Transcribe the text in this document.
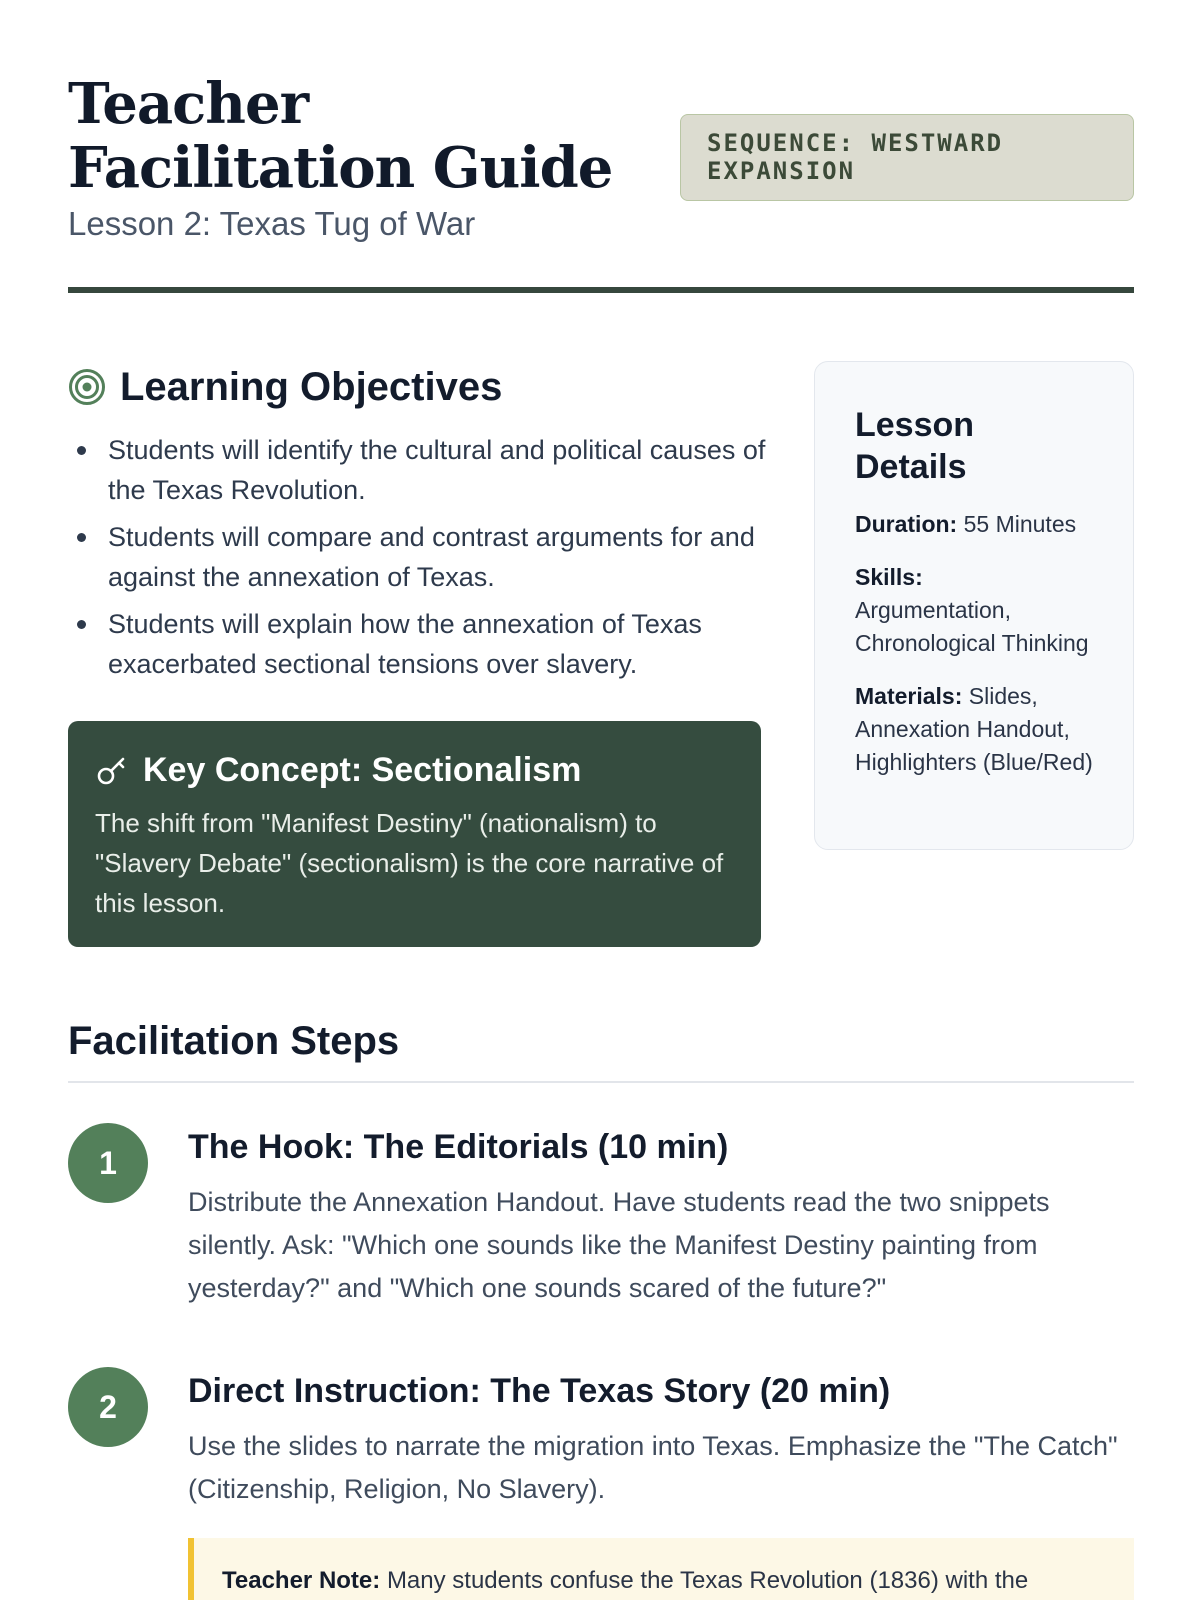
Teacher Facilitation Guide
Lesson 2: Texas Tug of War
SEQUENCE: WESTWARD EXPANSION
Learning Objectives
Students will identify the cultural and political causes of the Texas Revolution.
Students will compare and contrast arguments for and against the annexation of Texas.
Students will explain how the annexation of Texas exacerbated sectional tensions over slavery.
Key Concept: Sectionalism

The shift from "Manifest Destiny" (nationalism) to "Slavery Debate" (sectionalism) is the core narrative of this lesson.

Lesson Details
Duration: 55 Minutes
Skills:
Argumentation, Chronological Thinking
Materials: Slides, Annexation Handout, Highlighters (Blue/Red)
Facilitation Steps
1	The Hook: The Editorials (10 min)

Distribute the Annexation Handout. Have students read the two snippets silently. Ask: "Which one sounds like the Manifest Destiny painting from yesterday?" and "Which one sounds scared of the future?"

2	Direct Instruction: The Texas Story (20 min)

Use the slides to narrate the migration into Texas. Emphasize the "The Catch" (Citizenship, Religion, No Slavery).

Teacher Note: Many students confuse the Texas Revolution (1836) with the
